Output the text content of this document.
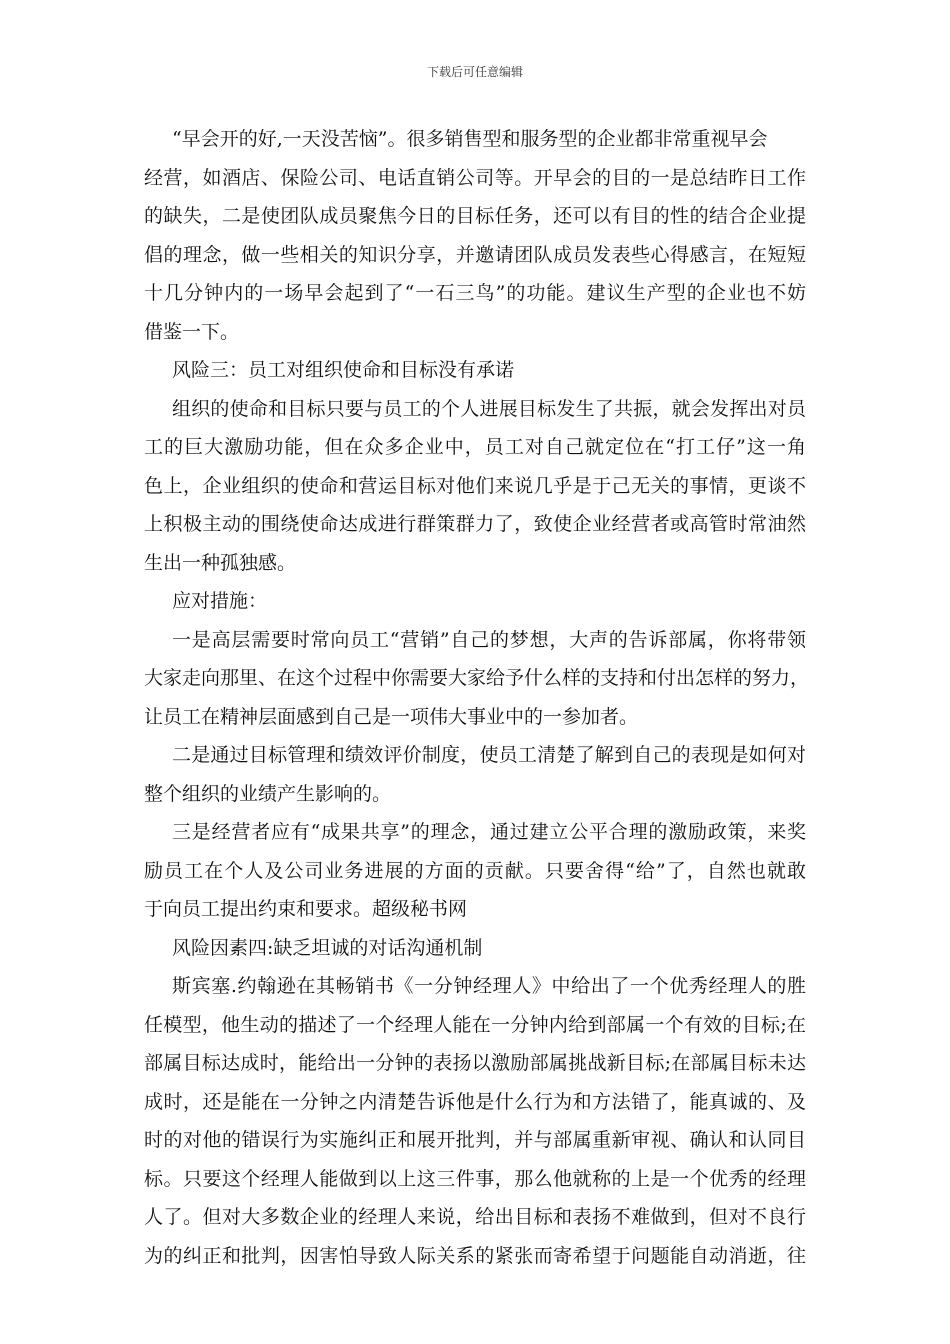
下载后可任意编辑
“早会开的好,一天没苦恼”。很多销售型和服务型的企业都非常重视早会
经营，如酒店、保险公司、电话直销公司等。开早会的目的一是总结昨日工作
的缺失，二是使团队成员聚焦今日的目标任务，还可以有目的性的结合企业提
倡的理念，做一些相关的知识分享，并邀请团队成员发表些心得感言，在短短
十几分钟内的一场早会起到了“一石三鸟”的功能。建议生产型的企业也不妨
借鉴一下。
风险三：员工对组织使命和目标没有承诺
组织的使命和目标只要与员工的个人进展目标发生了共振，就会发挥出对员
工的巨大激励功能，但在众多企业中，员工对自己就定位在“打工仔”这一角
色上，企业组织的使命和营运目标对他们来说几乎是于己无关的事情，更谈不
上积极主动的围绕使命达成进行群策群力了，致使企业经营者或高管时常油然
生出一种孤独感。
应对措施：
一是高层需要时常向员工“营销”自己的梦想，大声的告诉部属，你将带领
大家走向那里、在这个过程中你需要大家给予什么样的支持和付出怎样的努力，
让员工在精神层面感到自己是一项伟大事业中的一参加者。
二是通过目标管理和绩效评价制度，使员工清楚了解到自己的表现是如何对
整个组织的业绩产生影响的。
三是经营者应有“成果共享”的理念，通过建立公平合理的激励政策，来奖
励员工在个人及公司业务进展的方面的贡献。只要舍得“给”了，自然也就敢
于向员工提出约束和要求。超级秘书网
风险因素四:缺乏坦诚的对话沟通机制
斯宾塞.约翰逊在其畅销书《一分钟经理人》中给出了一个优秀经理人的胜
任模型，他生动的描述了一个经理人能在一分钟内给到部属一个有效的目标;在
部属目标达成时，能给出一分钟的表扬以激励部属挑战新目标;在部属目标未达
成时，还是能在一分钟之内清楚告诉他是什么行为和方法错了，能真诚的、及
时的对他的错误行为实施纠正和展开批判，并与部属重新审视、确认和认同目
标。只要这个经理人能做到以上这三件事，那么他就称的上是一个优秀的经理
人了。但对大多数企业的经理人来说，给出目标和表扬不难做到，但对不良行
为的纠正和批判，因害怕导致人际关系的紧张而寄希望于问题能自动消逝，往
